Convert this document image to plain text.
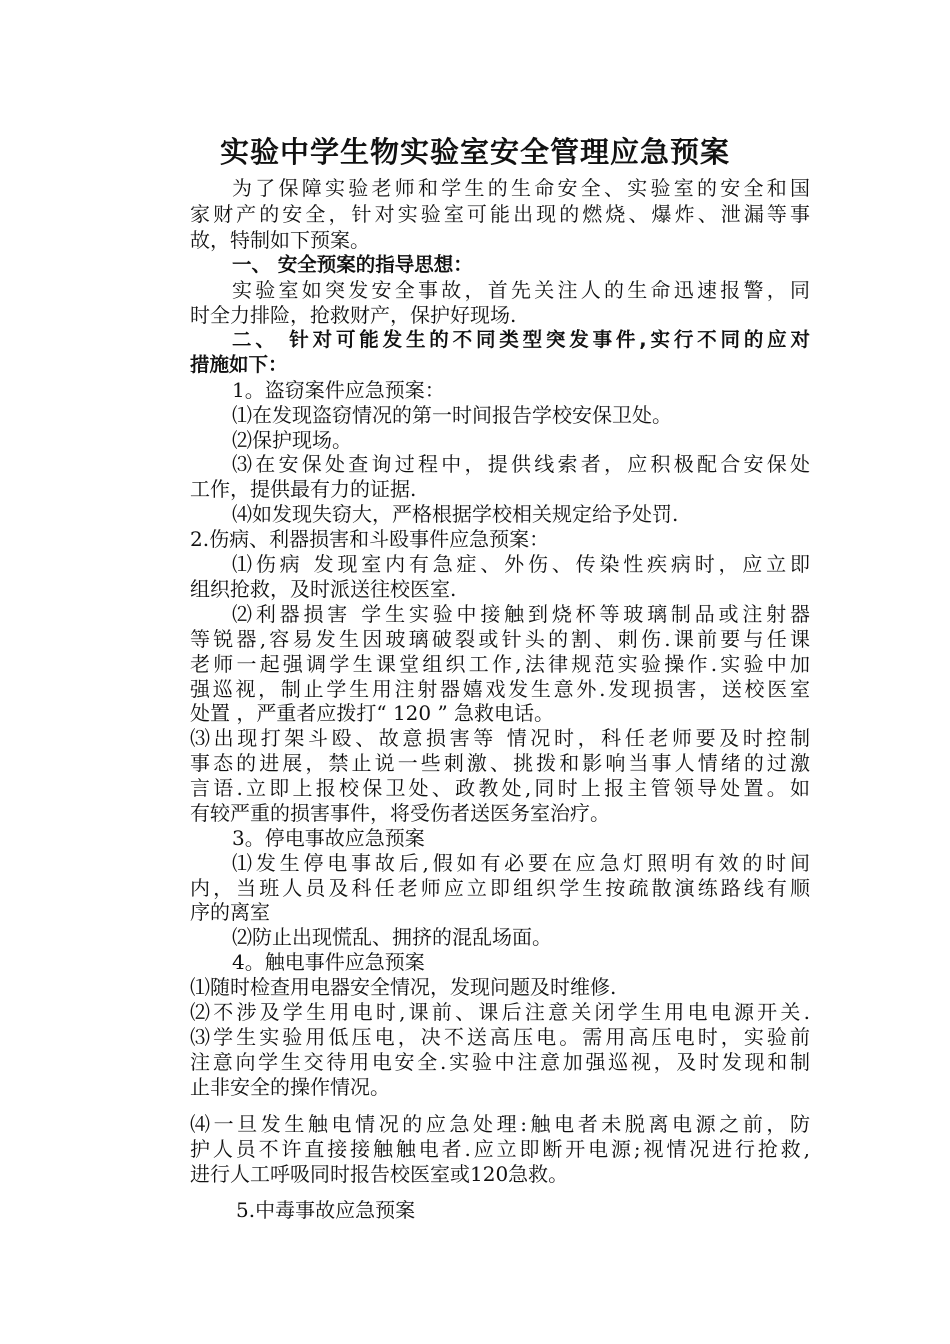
实验中学生物实验室安全管理应急预案
为了保障实验老师和学生的生命安全、实验室的安全和国
家财产的安全，针对实验室可能出现的燃烧、爆炸、泄漏等事
故，特制如下预案。
一、 安全预案的指导思想：
实验室如突发安全事故，首先关注人的生命迅速报警，同
时全力排险，抢救财产，保护好现场.
二、 针对可能发生的不同类型突发事件,实行不同的应对
措施如下：
1。盗窃案件应急预案：
⑴在发现盗窃情况的第一时间报告学校安保卫处。
⑵保护现场。
⑶在安保处查询过程中，提供线索者，应积极配合安保处
工作，提供最有力的证据.
⑷如发现失窃大，严格根据学校相关规定给予处罚.
2.伤病、利器损害和斗殴事件应急预案：
⑴伤病 发现室内有急症、外伤、传染性疾病时，应立即
组织抢救，及时派送往校医室.
⑵利器损害 学生实验中接触到烧杯等玻璃制品或注射器
等锐器,容易发生因玻璃破裂或针头的割、刺伤.课前要与任课
老师一起强调学生课堂组织工作,法律规范实验操作.实验中加
强巡视，制止学生用注射器嬉戏发生意外.发现损害，送校医室
处置 ，严重者应拨打“ 120 ” 急救电话。
⑶出现打架斗殴、故意损害等 情况时，科任老师要及时控制
事态的进展，禁止说一些刺激、挑拨和影响当事人情绪的过激
言语.立即上报校保卫处、政教处,同时上报主管领导处置。如
有较严重的损害事件，将受伤者送医务室治疗。
3。停电事故应急预案
⑴发生停电事故后,假如有必要在应急灯照明有效的时间
内，当班人员及科任老师应立即组织学生按疏散演练路线有顺
序的离室
⑵防止出现慌乱、拥挤的混乱场面。
4。触电事件应急预案
⑴随时检查用电器安全情况，发现问题及时维修.
⑵不涉及学生用电时,课前、课后注意关闭学生用电电源开关.
⑶学生实验用低压电，决不送高压电。需用高压电时，实验前
注意向学生交待用电安全.实验中注意加强巡视，及时发现和制
止非安全的操作情况。
⑷一旦发生触电情况的应急处理:触电者未脱离电源之前，防
护人员不许直接接触触电者.应立即断开电源;视情况进行抢救,
进行人工呼吸同时报告校医室或120急救。
5.中毒事故应急预案
